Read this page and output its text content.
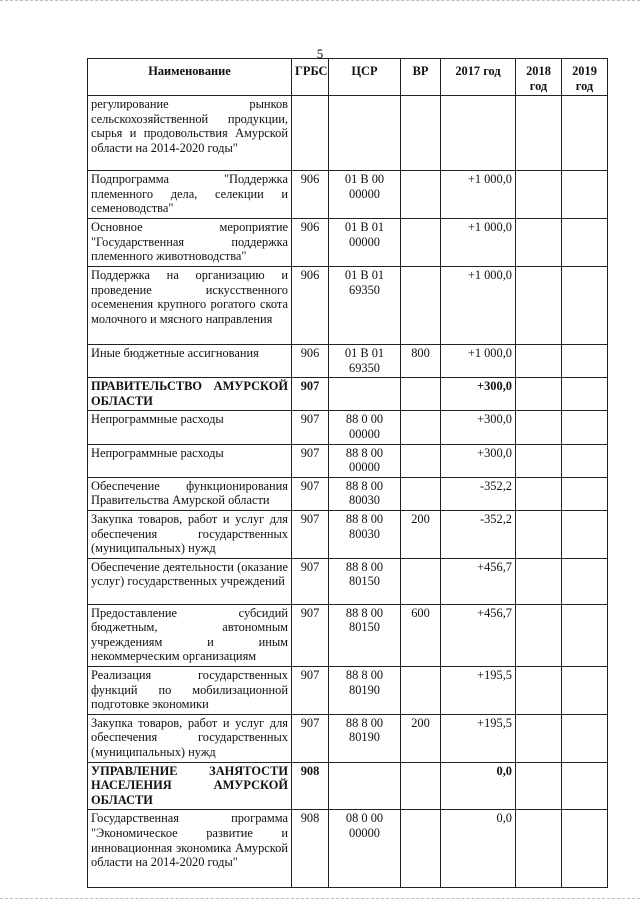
5
Наименование	ГРБС	ЦСР	ВР	2017 год	2018 год	2019 год
регулирование рынков сельскохозяйственной продукции, сырья и продовольствия Амурской области на 2014-2020 годы"						
Подпрограмма "Поддержка племенного дела, селекции и семеноводства"	906	01 В 00 00000		+1 000,0		
Основное мероприятие "Государственная поддержка племенного животноводства"	906	01 В 01 00000		+1 000,0		
Поддержка на организацию и проведение искусственного осеменения крупного рогатого скота молочного и мясного направления	906	01 В 01 69350		+1 000,0		
Иные бюджетные ассигнования	906	01 В 01 69350	800	+1 000,0		
ПРАВИТЕЛЬСТВО АМУРСКОЙ ОБЛАСТИ	907			+300,0		
Непрограммные расходы	907	88 0 00 00000		+300,0		
Непрограммные расходы	907	88 8 00 00000		+300,0		
Обеспечение функционирования Правительства Амурской области	907	88 8 00 80030		-352,2		
Закупка товаров, работ и услуг для обеспечения государственных (муниципальных) нужд	907	88 8 00 80030	200	-352,2		
Обеспечение деятельности (оказание услуг) государственных учреждений	907	88 8 00 80150		+456,7		
Предоставление субсидий бюджетным, автономным учреждениям и иным некоммерческим организациям	907	88 8 00 80150	600	+456,7		
Реализация государственных функций по мобилизационной подготовке экономики	907	88 8 00 80190		+195,5		
Закупка товаров, работ и услуг для обеспечения государственных (муниципальных) нужд	907	88 8 00 80190	200	+195,5		
УПРАВЛЕНИЕ ЗАНЯТОСТИ НАСЕЛЕНИЯ АМУРСКОЙ ОБЛАСТИ	908			0,0		
Государственная программа "Экономическое развитие и инновационная экономика Амурской области на 2014-2020 годы"	908	08 0 00 00000		0,0		
